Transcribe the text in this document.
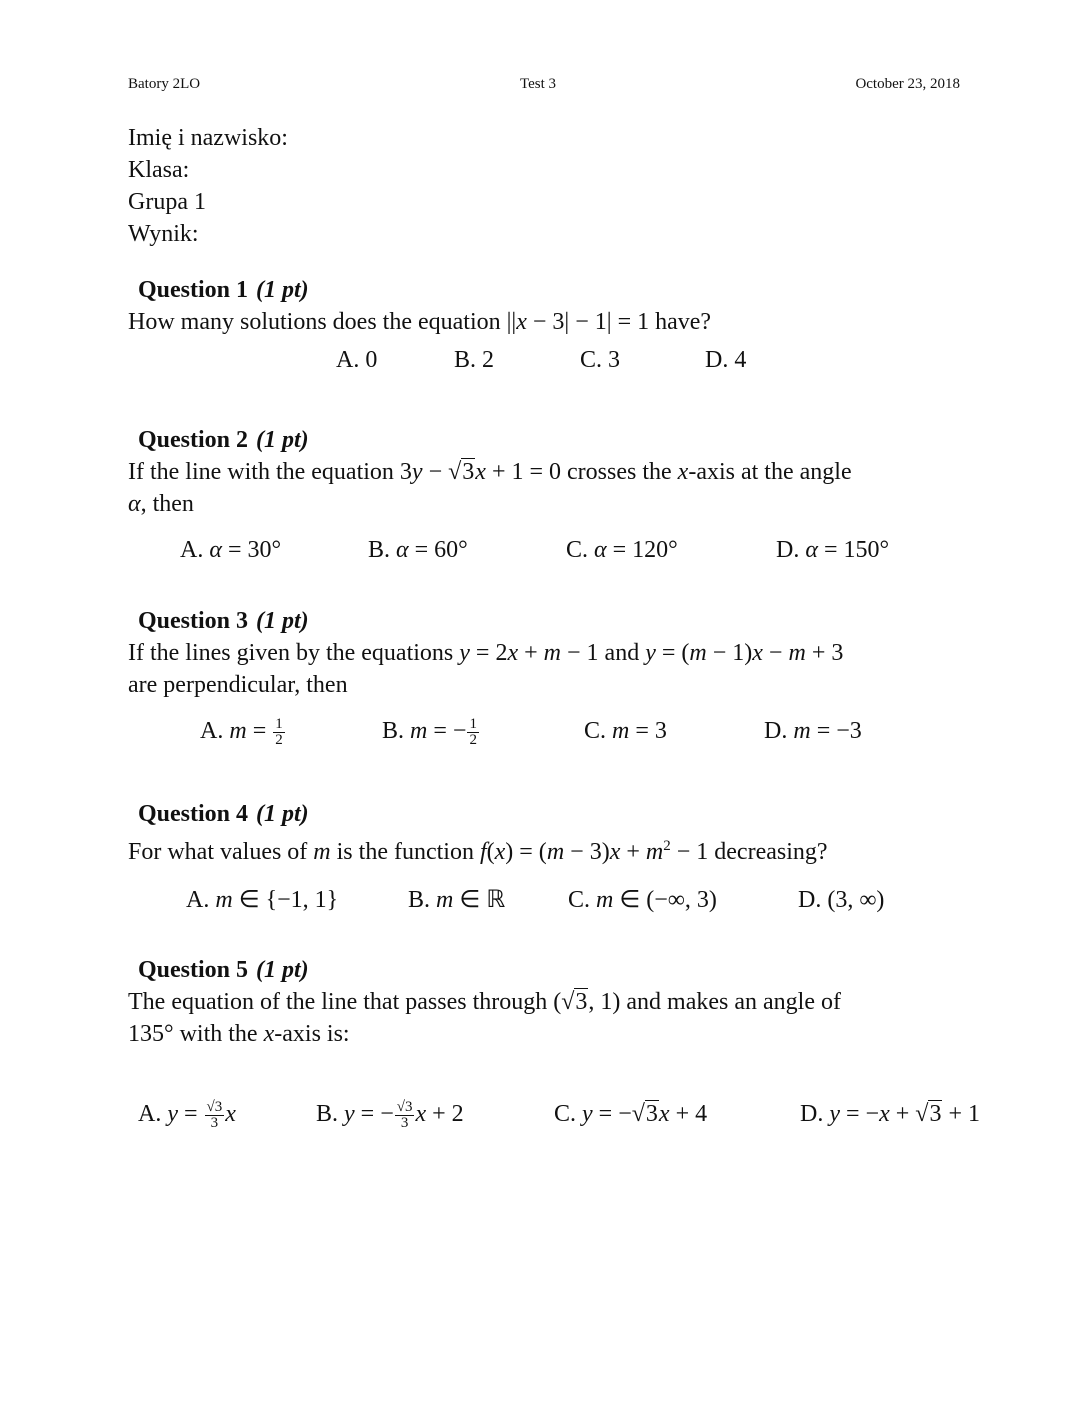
Batory 2LO	Test 3	October 23, 2018
Imię i nazwisko:
Klasa:
Grupa 1
Wynik:
Question 1 (1 pt)
How many solutions does the equation ||x − 3| − 1| = 1 have?
A. 0	B. 2	C. 3	D. 4
Question 2 (1 pt)
If the line with the equation 3y − √3x + 1 = 0 crosses the x-axis at the angle
α, then
A. α = 30°	B. α = 60°	C. α = 120°	D. α = 150°
Question 3 (1 pt)
If the lines given by the equations y = 2x + m − 1 and y = (m − 1)x − m + 3
are perpendicular, then
A. $m = \frac{1}{2}$	B. m = − $\frac{1}{2}$	C. m = 3	D. m = −3
Question 4 (1 pt)
For what values of m is the function $f(x) = (m - 3)x + m^2 - 1$ decreasing?
A. m ∈ {−1, 1}	B. m ∈ ℝ	C. m ∈ (−∞, 3)	D. (3, ∞)
Question 5 (1 pt)
The equation of the line that passes through (√3, 1) and makes an angle of
135° with the x-axis is:
A. $y = \frac{√3}{3}$ x	B. y = − $\frac{√3}{3}$ x + 2	C. y = −√3x + 4	D. y = −x + √3 + 1
